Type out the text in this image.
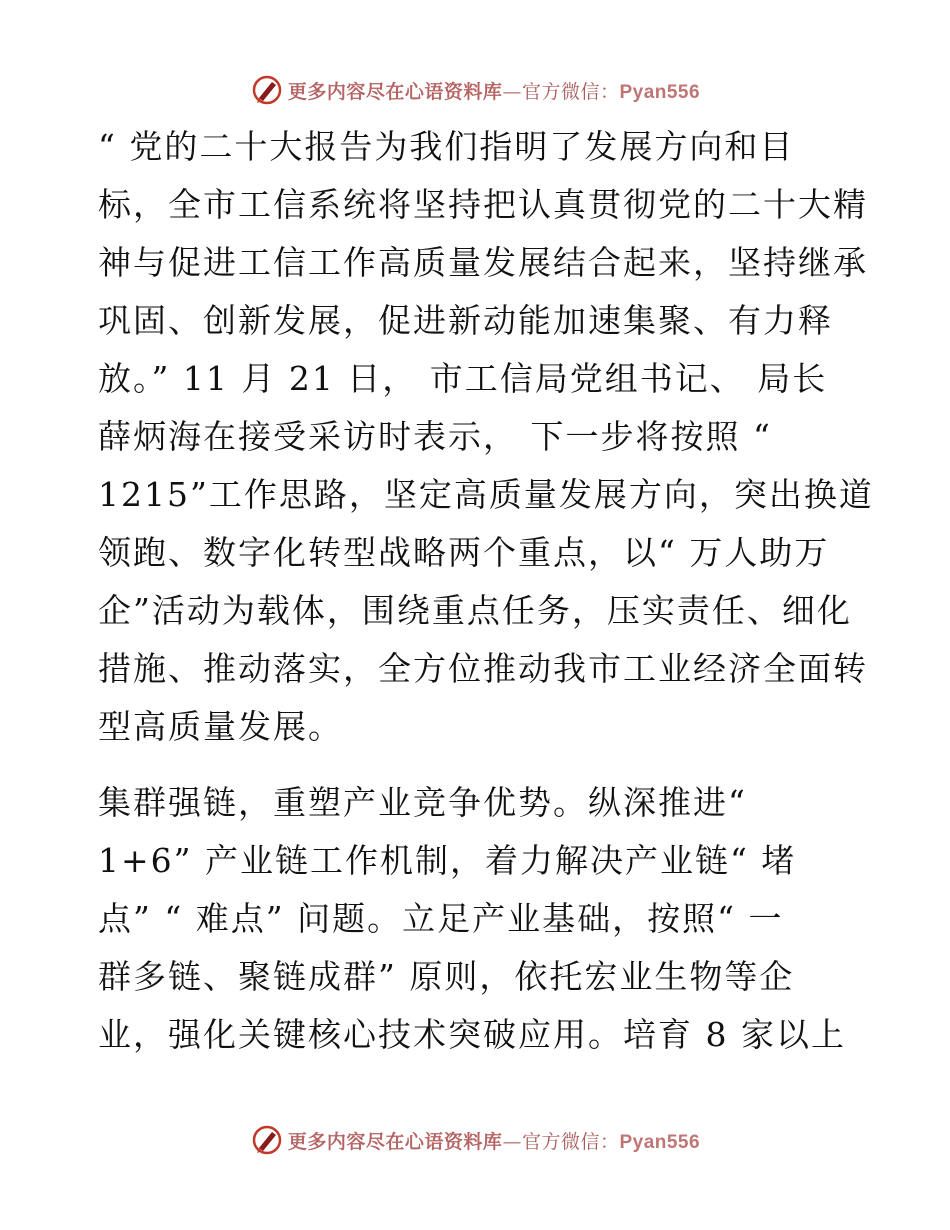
更多内容尽在心语资料库—官方微信：Pyan556
“ 党的二十大报告为我们指明了发展方向和目
标，全市工信系统将坚持把认真贯彻党的二十大精
神与促进工信工作高质量发展结合起来，坚持继承
巩固、创新发展，促进新动能加速集聚、有力释
放。” 11 月 21 日， 市工信局党组书记、 局长
薛炳海在接受采访时表示， 下一步将按照 “
1215”工作思路，坚定高质量发展方向，突出换道
领跑、数字化转型战略两个重点，以“ 万人助万
企”活动为载体，围绕重点任务，压实责任、细化
措施、推动落实，全方位推动我市工业经济全面转
型高质量发展。
集群强链，重塑产业竞争优势。纵深推进“
1+6” 产业链工作机制，着力解决产业链“ 堵
点” “ 难点” 问题。立足产业基础，按照“ 一
群多链、聚链成群” 原则，依托宏业生物等企
业，强化关键核心技术突破应用。培育 8 家以上
更多内容尽在心语资料库—官方微信：Pyan556
